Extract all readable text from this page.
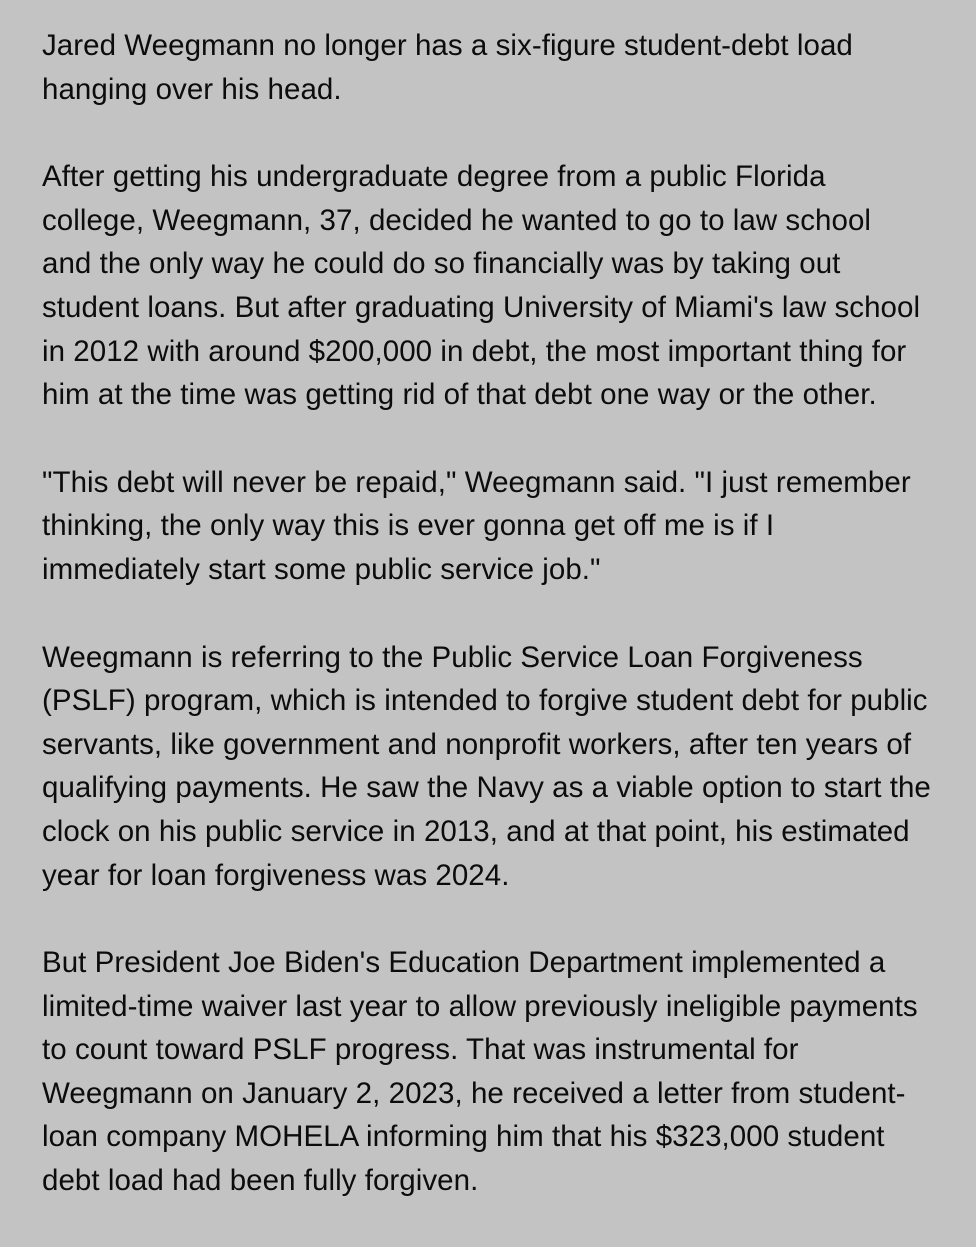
Jared Weegmann no longer has a six-figure student-debt load
hanging over his head.

After getting his undergraduate degree from a public Florida
college, Weegmann, 37, decided he wanted to go to law school
and the only way he could do so financially was by taking out
student loans. But after graduating University of Miami's law school
in 2012 with around $200,000 in debt, the most important thing for
him at the time was getting rid of that debt one way or the other.

"This debt will never be repaid," Weegmann said. "I just remember
thinking, the only way this is ever gonna get off me is if I
immediately start some public service job."

Weegmann is referring to the Public Service Loan Forgiveness
(PSLF) program, which is intended to forgive student debt for public
servants, like government and nonprofit workers, after ten years of
qualifying payments. He saw the Navy as a viable option to start the
clock on his public service in 2013, and at that point, his estimated
year for loan forgiveness was 2024.

But President Joe Biden's Education Department implemented a
limited-time waiver last year to allow previously ineligible payments
to count toward PSLF progress. That was instrumental for
Weegmann on January 2, 2023, he received a letter from student-
loan company MOHELA informing him that his $323,000 student
debt load had been fully forgiven.
